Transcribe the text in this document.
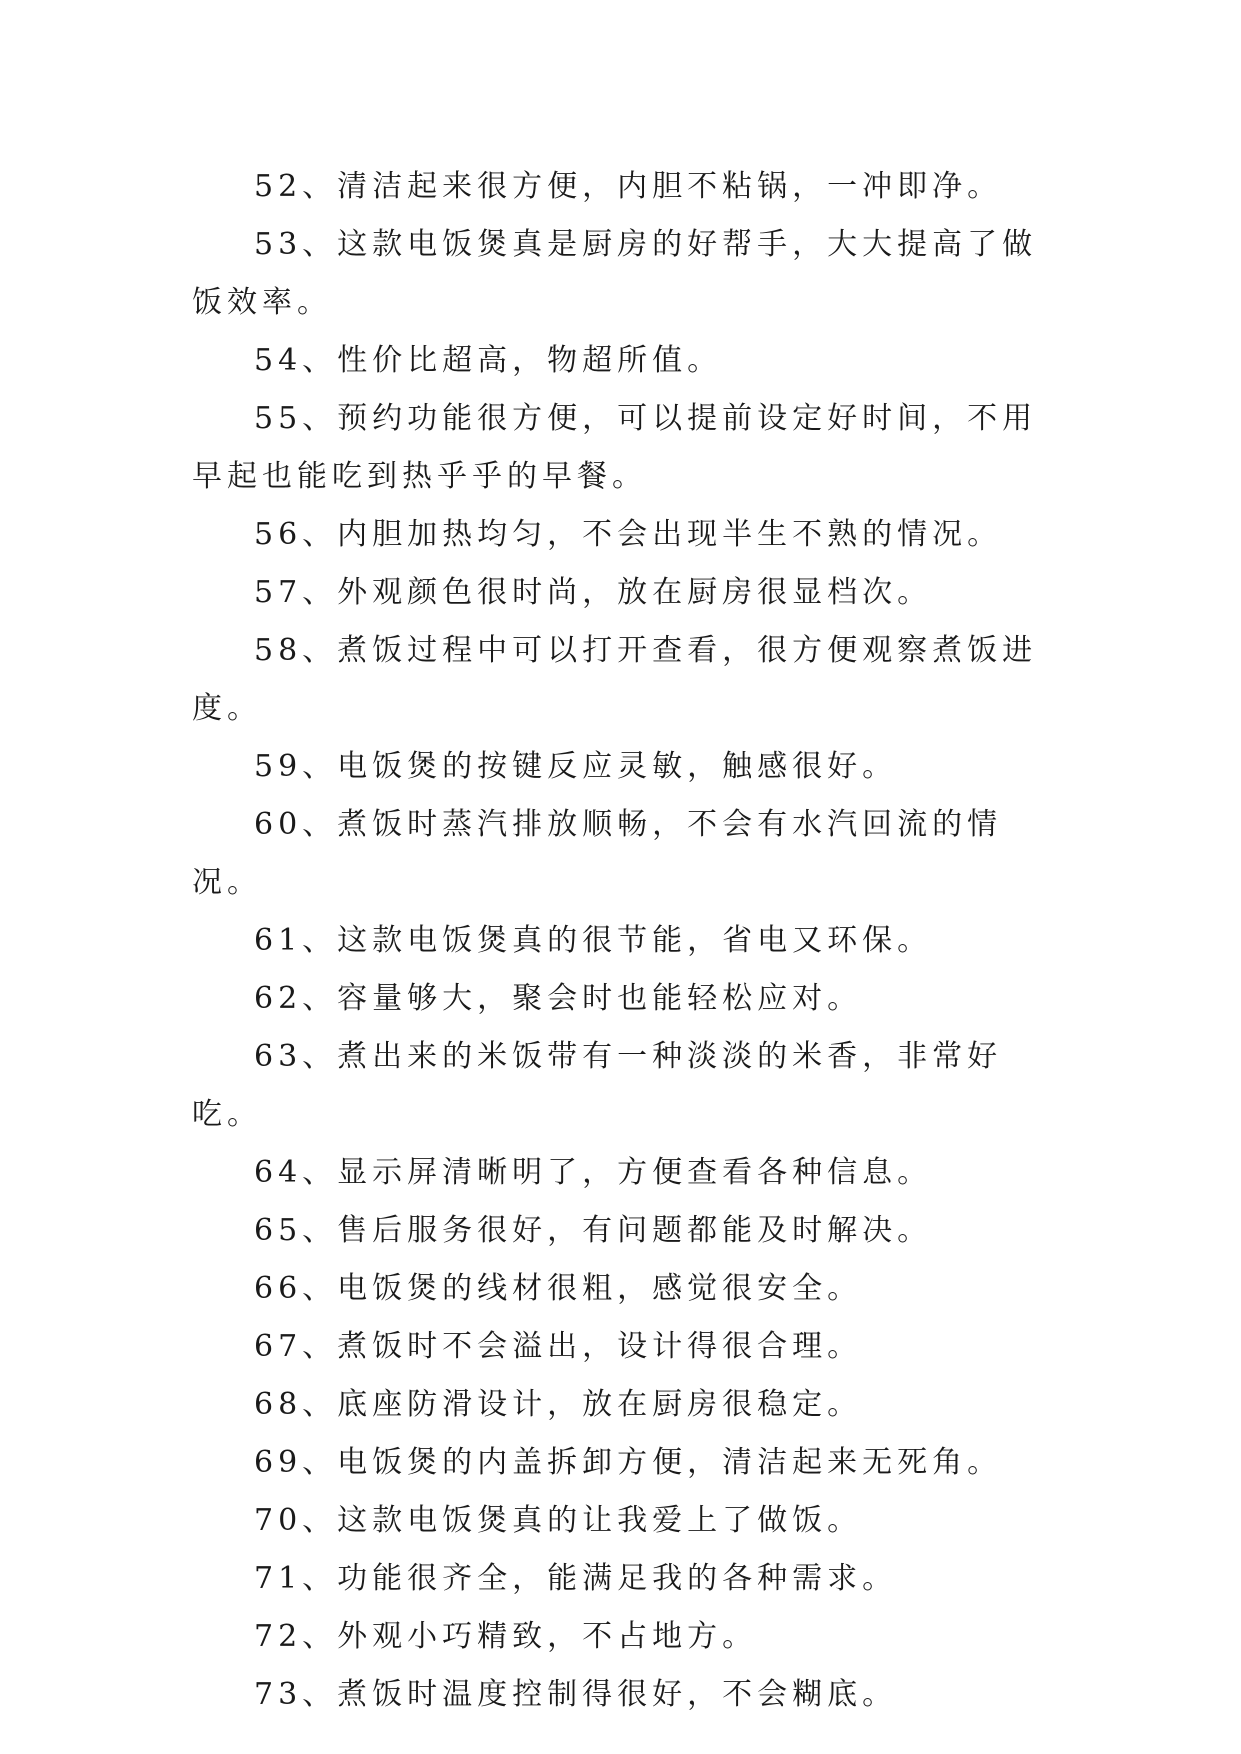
52、清洁起来很方便，内胆不粘锅，一冲即净。

53、这款电饭煲真是厨房的好帮手，大大提高了做饭效率。

54、性价比超高，物超所值。

55、预约功能很方便，可以提前设定好时间，不用早起也能吃到热乎乎的早餐。

56、内胆加热均匀，不会出现半生不熟的情况。

57、外观颜色很时尚，放在厨房很显档次。

58、煮饭过程中可以打开查看，很方便观察煮饭进度。

59、电饭煲的按键反应灵敏，触感很好。

60、煮饭时蒸汽排放顺畅，不会有水汽回流的情况。

61、这款电饭煲真的很节能，省电又环保。

62、容量够大，聚会时也能轻松应对。

63、煮出来的米饭带有一种淡淡的米香，非常好吃。

64、显示屏清晰明了，方便查看各种信息。

65、售后服务很好，有问题都能及时解决。

66、电饭煲的线材很粗，感觉很安全。

67、煮饭时不会溢出，设计得很合理。

68、底座防滑设计，放在厨房很稳定。

69、电饭煲的内盖拆卸方便，清洁起来无死角。

70、这款电饭煲真的让我爱上了做饭。

71、功能很齐全，能满足我的各种需求。

72、外观小巧精致，不占地方。

73、煮饭时温度控制得很好，不会糊底。
